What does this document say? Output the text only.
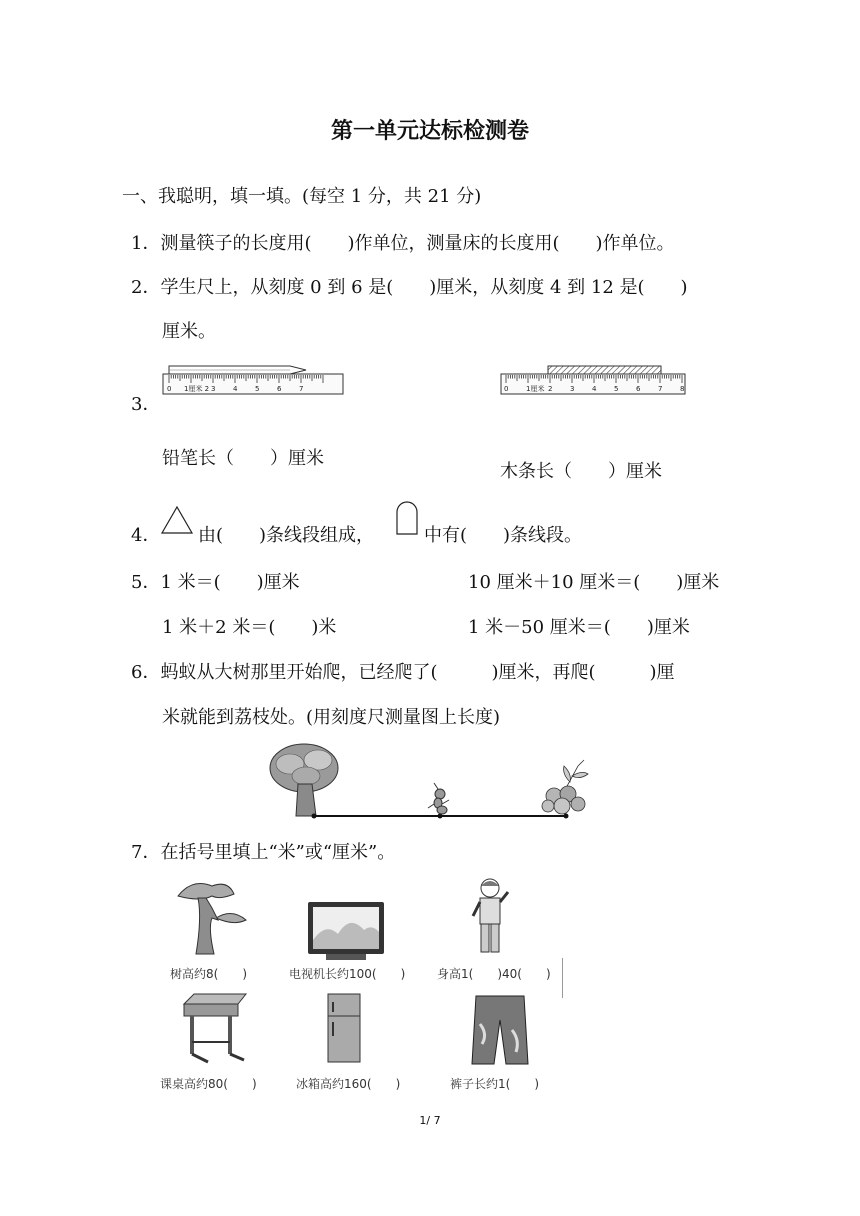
第一单元达标检测卷
一、我聪明，填一填。(每空 1 分，共 21 分)
1．测量筷子的长度用(　　)作单位，测量床的长度用(　　)作单位。
2．学生尺上，从刻度 0 到 6 是(　　)厘米，从刻度 4 到 12 是(　　)
厘米。
3．
0	3	4	5	6	7
1厘米 2	0	1厘米 2	3	4	5	6	7	8
铅笔长（　　）厘米
木条长（　　）厘米
4． 由(　　)条线段组成，	中有(　　)条线段。
5．1 米＝(　　)厘米	10 厘米＋10 厘米＝(　　)厘米
1 米＋2 米＝(　　)米	1 米－50 厘米＝(　　)厘米
6．蚂蚁从大树那里开始爬，已经爬了(　　　)厘米，再爬(　　　)厘
米就能到荔枝处。(用刻度尺测量图上长度)
7．在括号里填上“米”或“厘米”。
树高约8(　　)	电视机长约100(　　)	身高1(　　)40(　　)
课桌高约80(　　)	冰箱高约160(　　)	裤子长约1(　　)
1/ 7
